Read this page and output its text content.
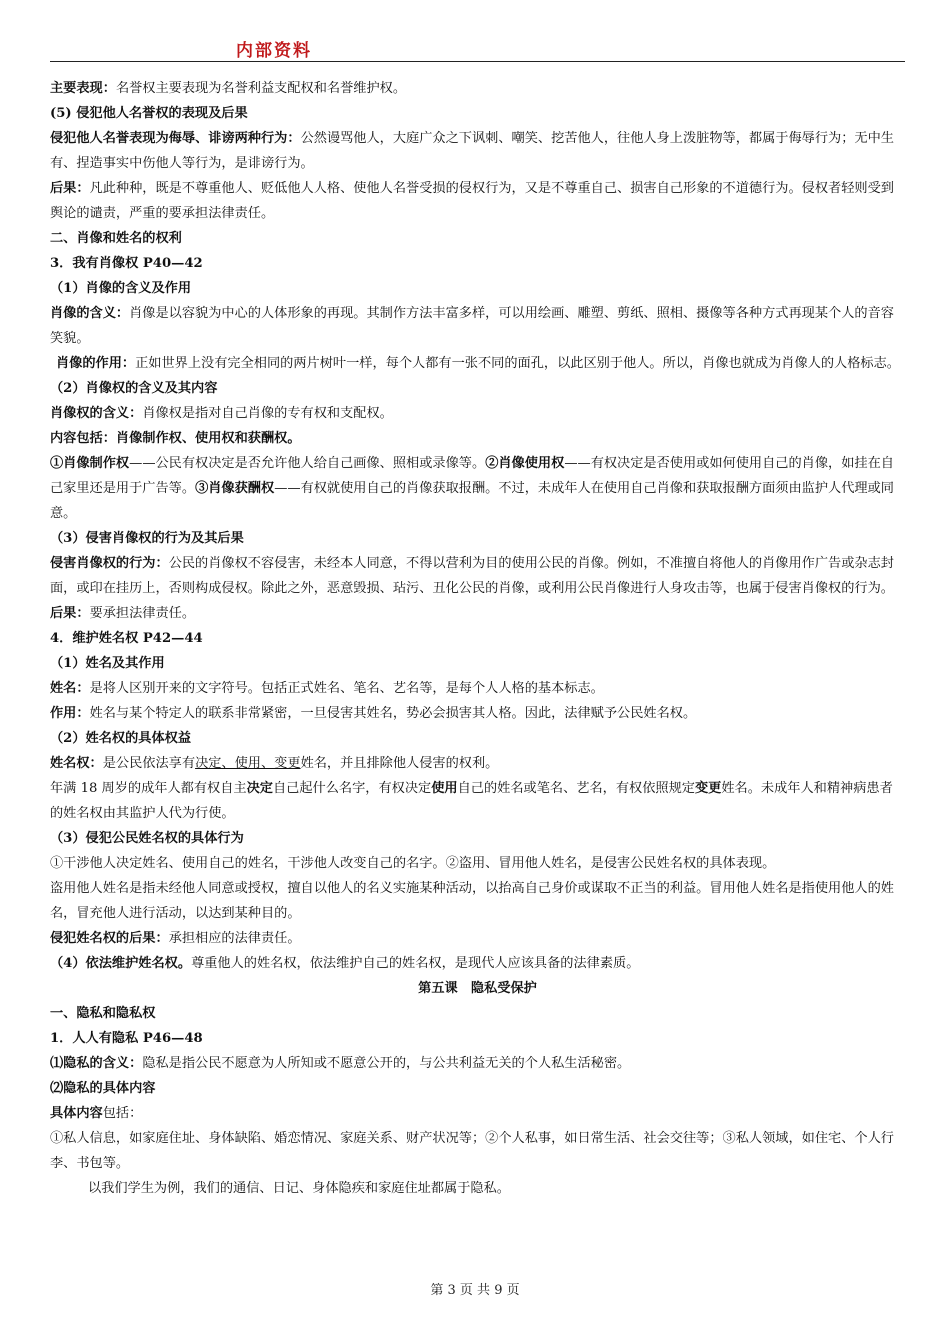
内部资料

主要表现：名誉权主要表现为名誉利益支配权和名誉维护权。

(5) 侵犯他人名誉权的表现及后果

侵犯他人名誉表现为侮辱、诽谤两种行为：公然谩骂他人，大庭广众之下讽刺、嘲笑、挖苦他人，往他人身上泼脏物等，都属于侮辱行为；无中生有、捏造事实中伤他人等行为，是诽谤行为。

后果：凡此种种，既是不尊重他人、贬低他人人格、使他人名誉受损的侵权行为，又是不尊重自己、损害自己形象的不道德行为。侵权者轻则受到舆论的谴责，严重的要承担法律责任。

二、肖像和姓名的权利

3．我有肖像权 P40—42

（1）肖像的含义及作用

肖像的含义：肖像是以容貌为中心的人体形象的再现。其制作方法丰富多样，可以用绘画、雕塑、剪纸、照相、摄像等各种方式再现某个人的音容笑貌。

肖像的作用：正如世界上没有完全相同的两片树叶一样，每个人都有一张不同的面孔，以此区别于他人。所以，肖像也就成为肖像人的人格标志。

（2）肖像权的含义及其内容

肖像权的含义：肖像权是指对自己肖像的专有权和支配权。

内容包括：肖像制作权、使用权和获酬权。

①肖像制作权——公民有权决定是否允许他人给自己画像、照相或录像等。②肖像使用权——有权决定是否使用或如何使用自己的肖像，如挂在自己家里还是用于广告等。③肖像获酬权——有权就使用自己的肖像获取报酬。不过，未成年人在使用自己肖像和获取报酬方面须由监护人代理或同意。

（3）侵害肖像权的行为及其后果

侵害肖像权的行为：公民的肖像权不容侵害，未经本人同意，不得以营利为目的使用公民的肖像。例如，不准擅自将他人的肖像用作广告或杂志封面，或印在挂历上，否则构成侵权。除此之外，恶意毁损、玷污、丑化公民的肖像，或利用公民肖像进行人身攻击等，也属于侵害肖像权的行为。

后果：要承担法律责任。

4．维护姓名权 P42—44

（1）姓名及其作用

姓名：是将人区别开来的文字符号。包括正式姓名、笔名、艺名等，是每个人人格的基本标志。

作用：姓名与某个特定人的联系非常紧密，一旦侵害其姓名，势必会损害其人格。因此，法律赋予公民姓名权。

（2）姓名权的具体权益

姓名权：是公民依法享有决定、使用、变更姓名，并且排除他人侵害的权利。

年满 18 周岁的成年人都有权自主决定自己起什么名字，有权决定使用自己的姓名或笔名、艺名，有权依照规定变更姓名。未成年人和精神病患者的姓名权由其监护人代为行使。

（3）侵犯公民姓名权的具体行为

①干涉他人决定姓名、使用自己的姓名，干涉他人改变自己的名字。②盗用、冒用他人姓名，是侵害公民姓名权的具体表现。

盗用他人姓名是指未经他人同意或授权，擅自以他人的名义实施某种活动，以抬高自己身价或谋取不正当的利益。冒用他人姓名是指使用他人的姓名，冒充他人进行活动，以达到某种目的。

侵犯姓名权的后果：承担相应的法律责任。

（4）依法维护姓名权。尊重他人的姓名权，依法维护自己的姓名权，是现代人应该具备的法律素质。

第五课　隐私受保护

一、隐私和隐私权

1．人人有隐私 P46—48

⑴隐私的含义：隐私是指公民不愿意为人所知或不愿意公开的，与公共利益无关的个人私生活秘密。

⑵隐私的具体内容

具体内容包括：

①私人信息，如家庭住址、身体缺陷、婚恋情况、家庭关系、财产状况等；②个人私事，如日常生活、社会交往等；③私人领域，如住宅、个人行李、书包等。

以我们学生为例，我们的通信、日记、身体隐疾和家庭住址都属于隐私。

第 3 页 共 9 页
